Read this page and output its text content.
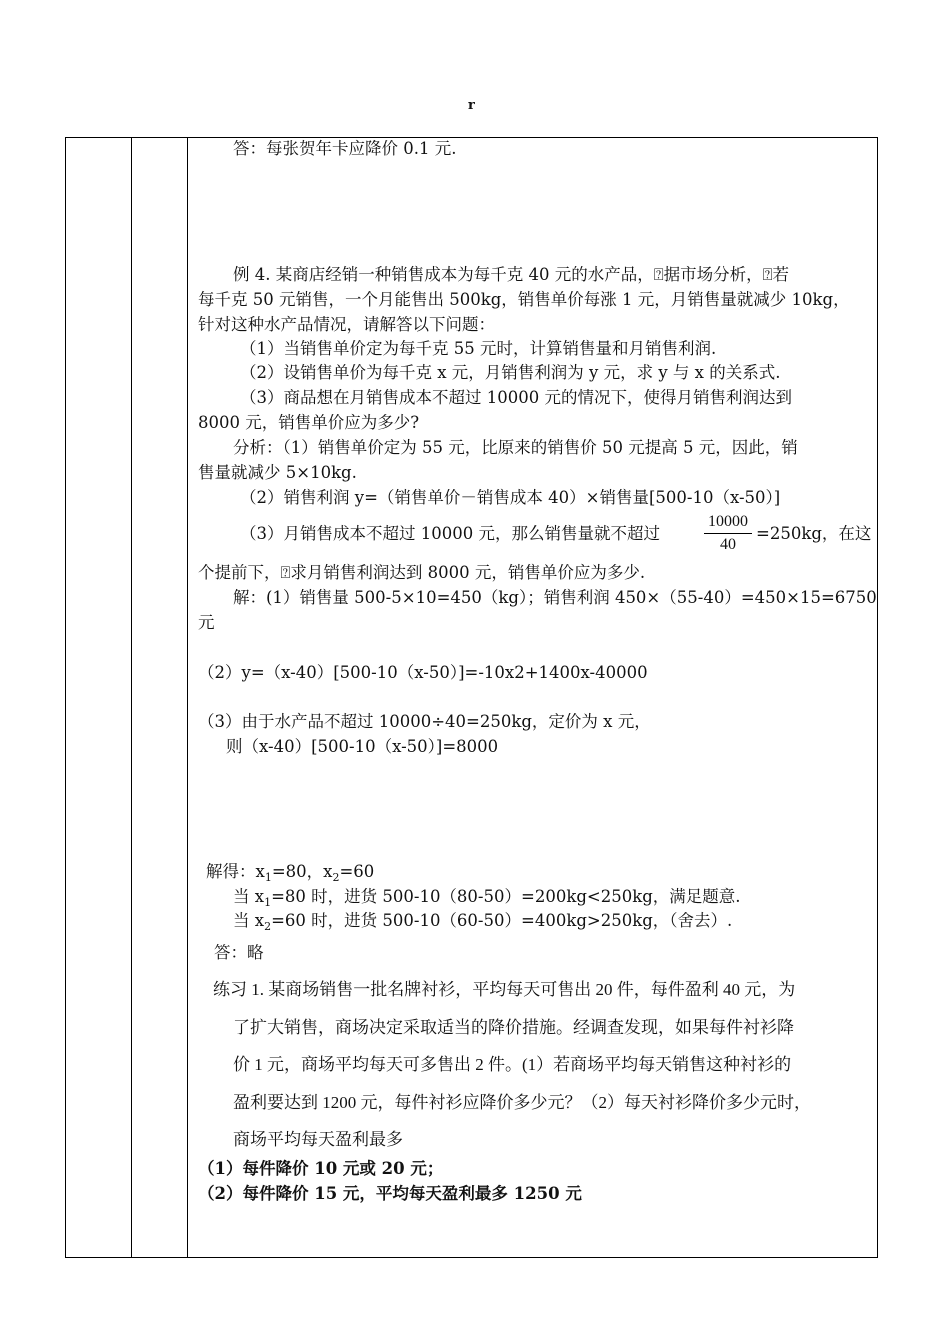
r
答：每张贺年卡应降价 0.1 元.
例 4. 某商店经销一种销售成本为每千克 40 元的水产品，⍰据市场分析，⍰若
每千克 50 元销售，一个月能售出 500kg，销售单价每涨 1 元，月销售量就减少 10kg，
针对这种水产品情况，请解答以下问题：
（1）当销售单价定为每千克 55 元时，计算销售量和月销售利润.
（2）设销售单价为每千克 x 元，月销售利润为 y 元，求 y 与 x 的关系式.
（3）商品想在月销售成本不超过 10000 元的情况下，使得月销售利润达到
8000 元，销售单价应为多少?
分析：（1）销售单价定为 55 元，比原来的销售价 50 元提高 5 元，因此，销
售量就减少 5×10kg.
（2）销售利润 y=（销售单价－销售成本 40）×销售量[500-10（x-50）]
（3）月销售成本不超过 10000 元，那么销售量就不超过
10000
40
=250kg，在这
个提前下，⍰求月销售利润达到 8000 元，销售单价应为多少.
解：(1）销售量 500-5×10=450（kg）；销售利润 450×（55-40）=450×15=6750
元
（2）y=（x-40）[500-10（x-50）]=-10x2+1400x-40000
（3）由于水产品不超过 10000÷40=250kg，定价为 x 元，
则（x-40）[500-10（x-50）]=8000
解得：$x_1=80$，$x_2=60$
当 $x_1=80$ 时，进货 500-10（80-50）=200kg<250kg，满足题意.
当 $x_2=60$ 时，进货 500-10（60-50）=400kg>250kg，（舍去）.
答：略
练习 1. 某商场销售一批名牌衬衫，平均每天可售出 20 件，每件盈利 40 元，为
了扩大销售，商场决定采取适当的降价措施。经调查发现，如果每件衬衫降
价 1 元，商场平均每天可多售出 2 件。(1）若商场平均每天销售这种衬衫的
盈利要达到 1200 元，每件衬衫应降价多少元？（2）每天衬衫降价多少元时，
商场平均每天盈利最多
（1）每件降价 10 元或 20 元；
（2）每件降价 15 元，平均每天盈利最多 1250 元
